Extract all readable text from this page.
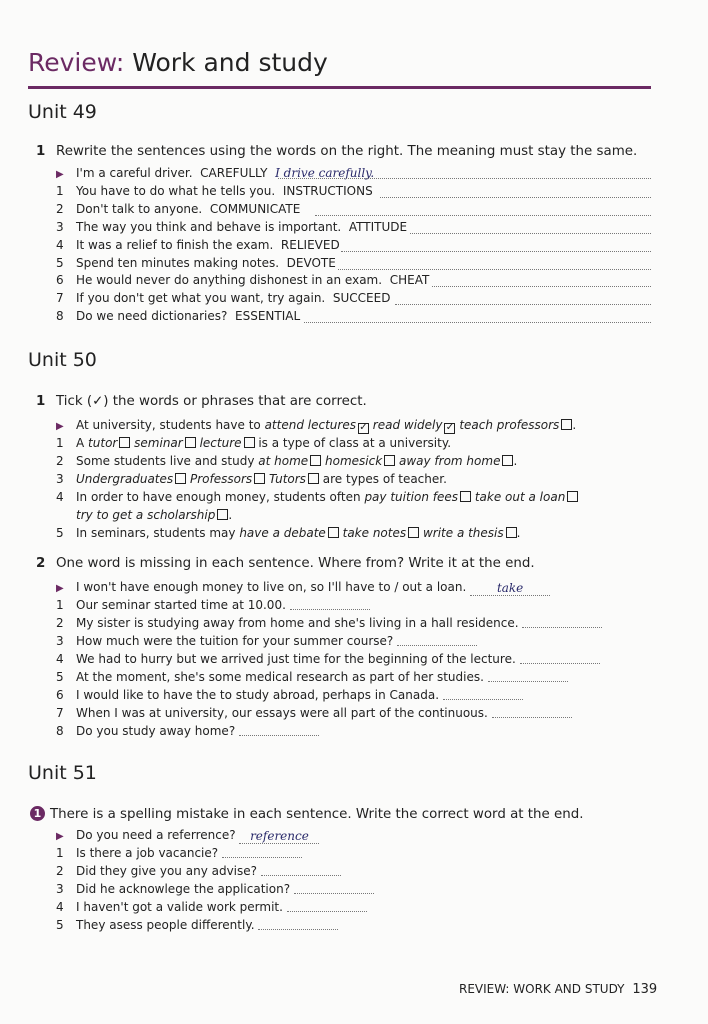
Review: Work and study
Unit 49
1 Rewrite the sentences using the words on the right. The meaning must stay the same.
▶ I'm a careful driver. CAREFULLY I drive carefully.
1 You have to do what he tells you. INSTRUCTIONS
2 Don't talk to anyone. COMMUNICATE
3 The way you think and behave is important. ATTITUDE
4 It was a relief to finish the exam. RELIEVED
5 Spend ten minutes making notes. DEVOTE
6 He would never do anything dishonest in an exam. CHEAT
7 If you don't get what you want, try again. SUCCEED
8 Do we need dictionaries? ESSENTIAL
Unit 50
1 Tick (✓) the words or phrases that are correct.
▶ At university, students have to attend lectures ✓ read widely ✓ teach professors .
1 A tutor seminar lecture is a type of class at a university.
2 Some students live and study at home homesick away from home .
3 Undergraduates Professors Tutors are types of teacher.
4 In order to have enough money, students often pay tuition fees take out a loan
try to get a scholarship .
5 In seminars, students may have a debate take notes write a thesis .
2 One word is missing in each sentence. Where from? Write it at the end.
▶ I won't have enough money to live on, so I'll have to / out a loan.	take
1 Our seminar started time at 10.00.
2 My sister is studying away from home and she's living in a hall residence.
3 How much were the tuition for your summer course?
4 We had to hurry but we arrived just time for the beginning of the lecture.
5 At the moment, she's some medical research as part of her studies.
6 I would like to have the to study abroad, perhaps in Canada.
7 When I was at university, our essays were all part of the continuous.
8 Do you study away home?
Unit 51
1 There is a spelling mistake in each sentence. Write the correct word at the end.
▶ Do you need a referrence? reference
1 Is there a job vacancie?
2 Did they give you any advise?
3 Did he acknowlege the application?
4 I haven't got a valide work permit.
5 They asess people differently.
REVIEW: WORK AND STUDY 139
